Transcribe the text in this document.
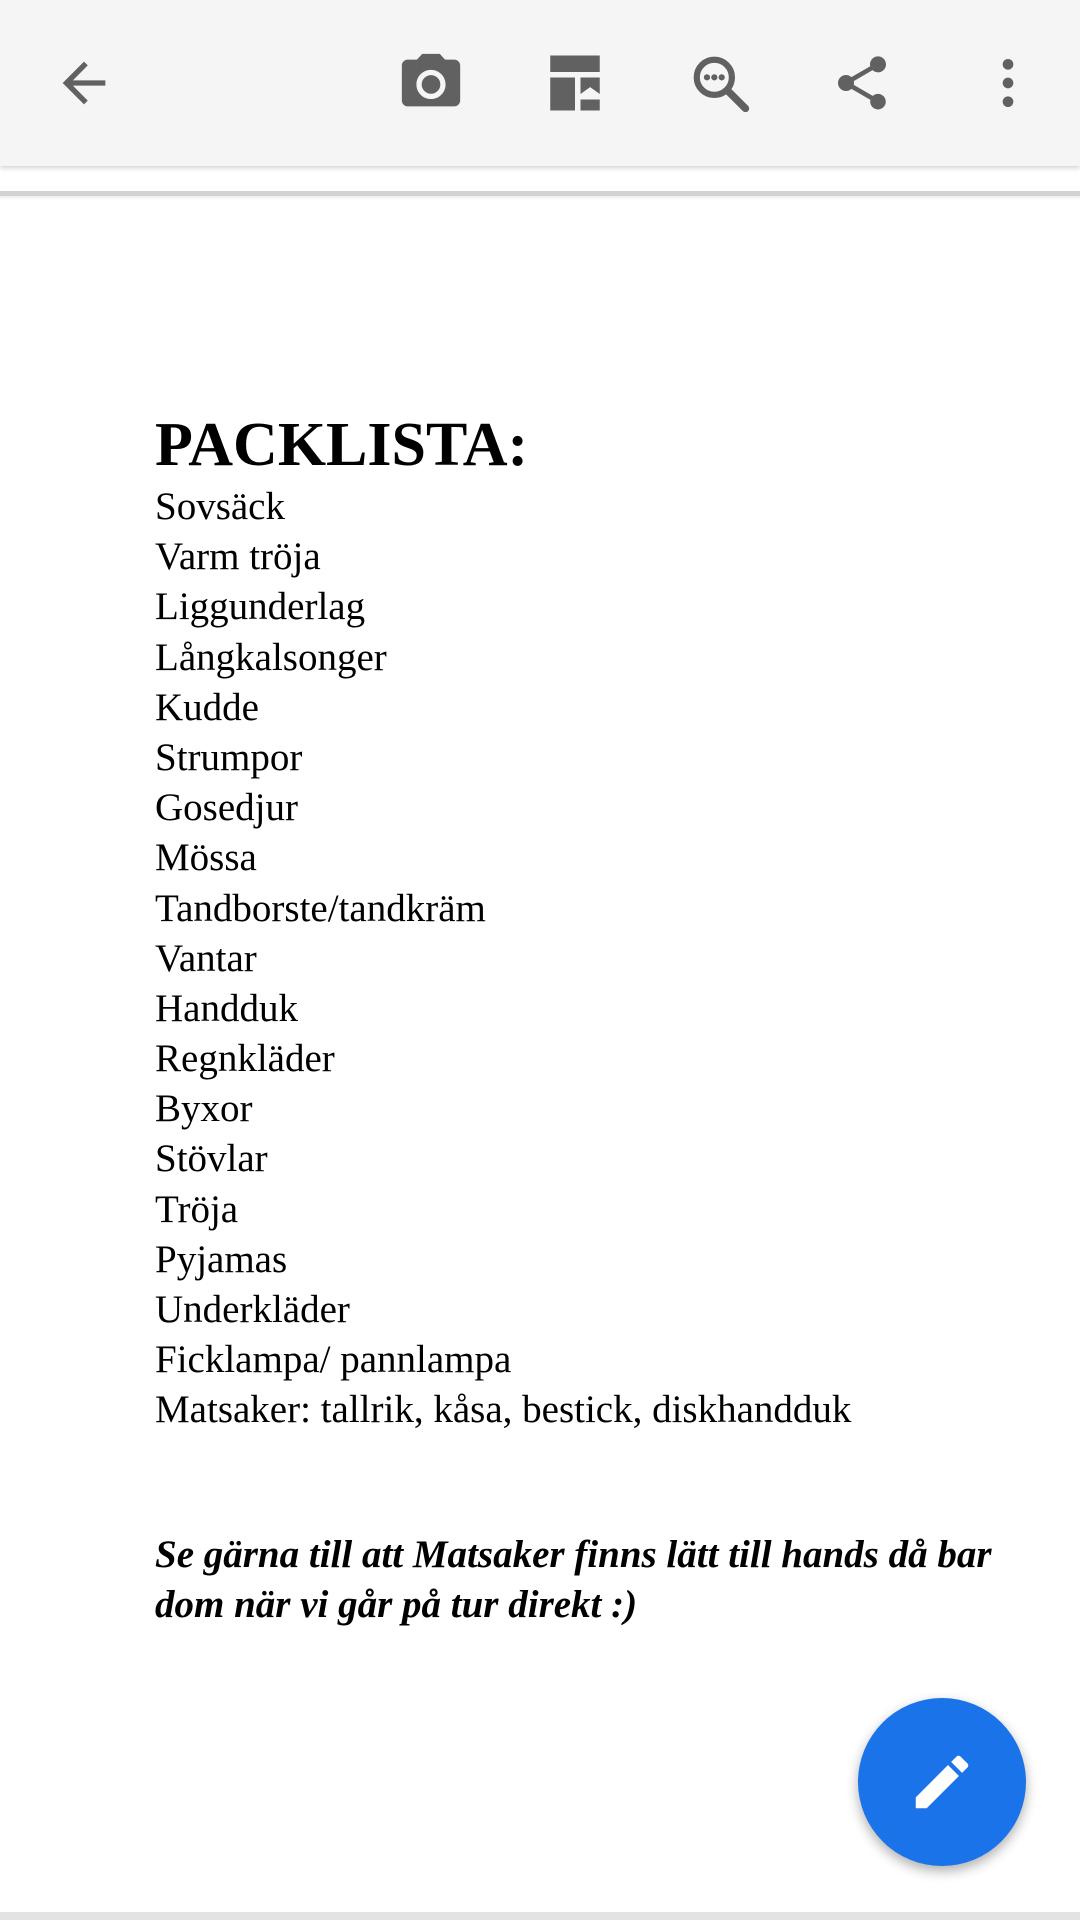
PACKLISTA:
Sovsäck
Varm tröja
Liggunderlag
Långkalsonger
Kudde
Strumpor
Gosedjur
Mössa
Tandborste/tandkräm
Vantar
Handduk
Regnkläder
Byxor
Stövlar
Tröja
Pyjamas
Underkläder
Ficklampa/ pannlampa
Matsaker: tallrik, kåsa, bestick, diskhandduk

Se gärna till att Matsaker finns lätt till hands då bar
dom när vi går på tur direkt :)
